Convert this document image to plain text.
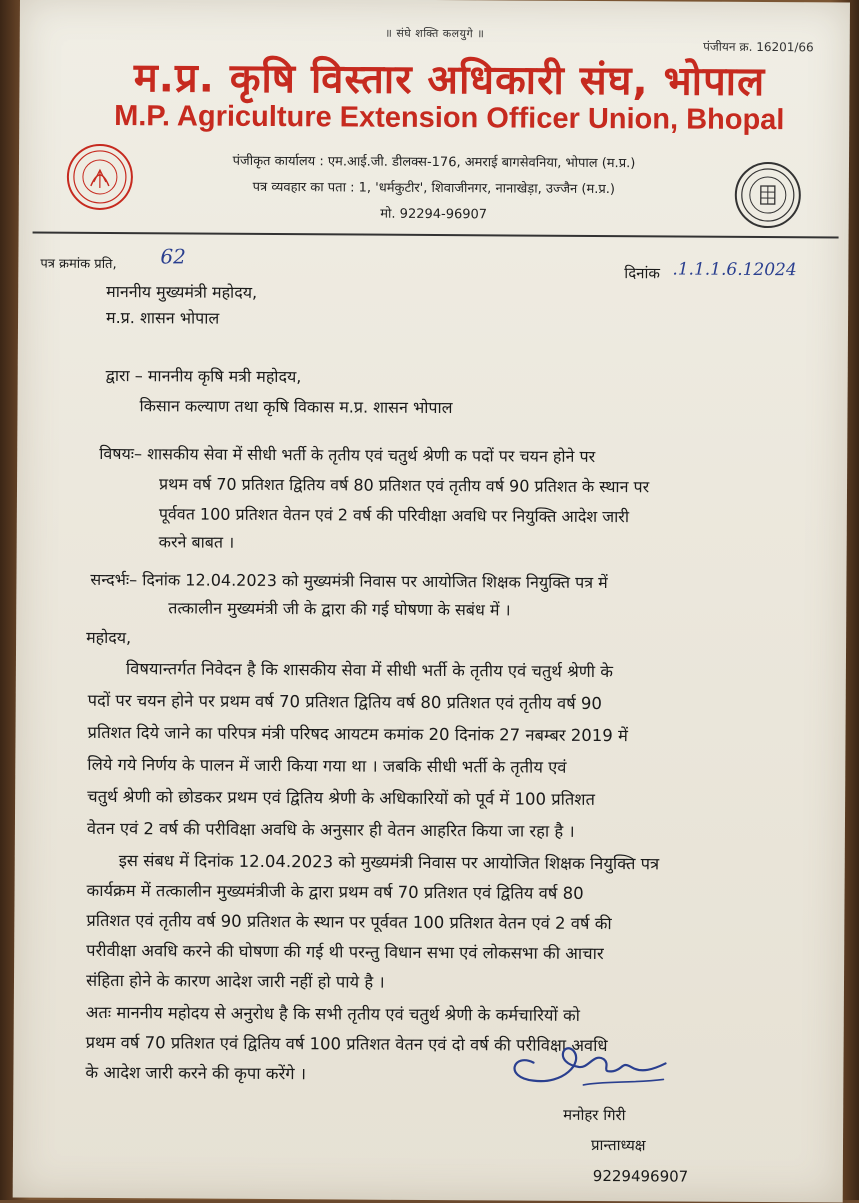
॥ संघे शक्ति कलयुगे ॥
पंजीयन क्र. 16201/66
म.प्र. कृषि विस्तार अधिकारी संघ, भोपाल
M.P. Agriculture Extension Officer Union, Bhopal
पंजीकृत कार्यालय : एम.आई.जी. डीलक्स-176, अमराई बागसेवनिया, भोपाल (म.प्र.)
पत्र व्यवहार का पता : 1, 'धर्मकुटीर', शिवाजीनगर, नानाखेड़ा, उज्जैन (म.प्र.)
मो. 92294-96907
पत्र क्रमांक प्रति, 62
दिनांक .1.1.1.6.12024
माननीय मुख्यमंत्री महोदय,
म.प्र. शासन भोपाल
द्वारा – माननीय कृषि मत्री महोदय,
किसान कल्याण तथा कृषि विकास म.प्र. शासन भोपाल
विषयः– शासकीय सेवा में सीधी भर्ती के तृतीय एवं चतुर्थ श्रेणी क पदों पर चयन होने पर
प्रथम वर्ष 70 प्रतिशत द्वितिय वर्ष 80 प्रतिशत एवं तृतीय वर्ष 90 प्रतिशत के स्थान पर
पूर्ववत 100 प्रतिशत वेतन एवं 2 वर्ष की परिवीक्षा अवधि पर नियुक्ति आदेश जारी
करने बाबत ।
सन्दर्भः– दिनांक 12.04.2023 को मुख्यमंत्री निवास पर आयोजित शिक्षक नियुक्ति पत्र में
तत्कालीन मुख्यमंत्री जी के द्वारा की गई घोषणा के सबंध में ।
महोदय,
विषयान्तर्गत निवेदन है कि शासकीय सेवा में सीधी भर्ती के तृतीय एवं चतुर्थ श्रेणी के
पदों पर चयन होने पर प्रथम वर्ष 70 प्रतिशत द्वितिय वर्ष 80 प्रतिशत एवं तृतीय वर्ष 90
प्रतिशत दिये जाने का परिपत्र मंत्री परिषद आयटम कमांक 20 दिनांक 27 नबम्बर 2019 में
लिये गये निर्णय के पालन में जारी किया गया था । जबकि सीधी भर्ती के तृतीय एवं
चतुर्थ श्रेणी को छोडकर प्रथम एवं द्वितिय श्रेणी के अधिकारियों को पूर्व में 100 प्रतिशत
वेतन एवं 2 वर्ष की परीविक्षा अवधि के अनुसार ही वेतन आहरित किया जा रहा है ।
इस संबध में दिनांक 12.04.2023 को मुख्यमंत्री निवास पर आयोजित शिक्षक नियुक्ति पत्र
कार्यक्रम में तत्कालीन मुख्यमंत्रीजी के द्वारा प्रथम वर्ष 70 प्रतिशत एवं द्वितिय वर्ष 80
प्रतिशत एवं तृतीय वर्ष 90 प्रतिशत के स्थान पर पूर्ववत 100 प्रतिशत वेतन एवं 2 वर्ष की
परीवीक्षा अवधि करने की घोषणा की गई थी परन्तु विधान सभा एवं लोकसभा की आचार
संहिता होने के कारण आदेश जारी नहीं हो पाये है ।
अतः माननीय महोदय से अनुरोध है कि सभी तृतीय एवं चतुर्थ श्रेणी के कर्मचारियों को
प्रथम वर्ष 70 प्रतिशत एवं द्वितिय वर्ष 100 प्रतिशत वेतन एवं दो वर्ष की परीविक्षा अवधि
के आदेश जारी करने की कृपा करेंगे ।
मनोहर गिरी
प्रान्ताध्यक्ष
9229496907
